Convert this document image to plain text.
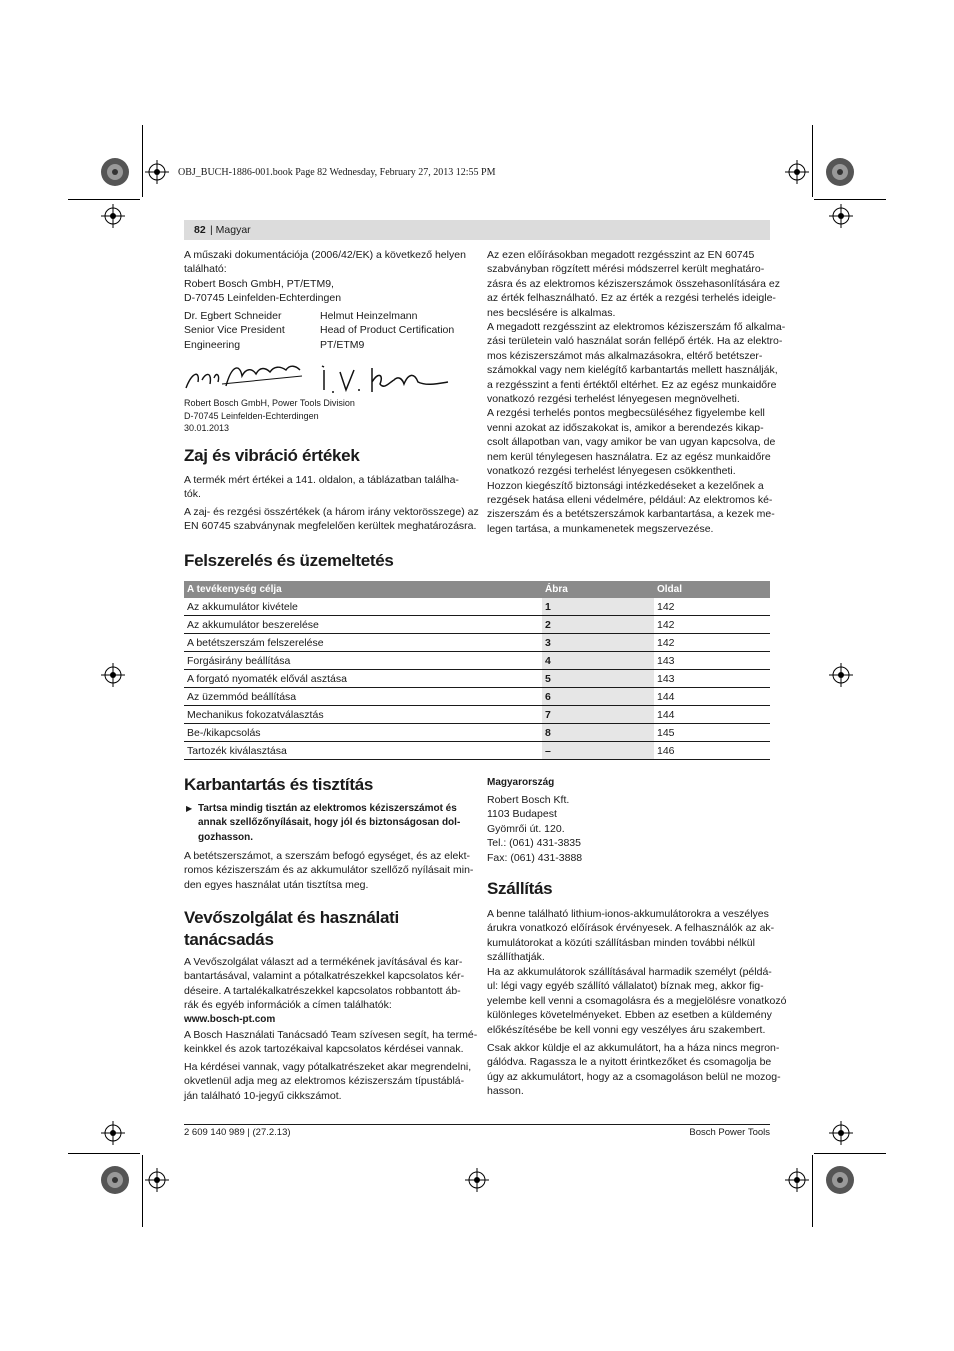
OBJ_BUCH-1886-001.book Page 82 Wednesday, February 27, 2013 12:55 PM
82 | Magyar
A műszaki dokumentációja (2006/42/EK) a következő helyen
található:
Robert Bosch GmbH, PT/ETM9,
D-70745 Leinfelden-Echterdingen
Dr. Egbert Schneider
Senior Vice President
Engineering
Helmut Heinzelmann
Head of Product Certification
PT/ETM9
Robert Bosch GmbH, Power Tools Division
D-70745 Leinfelden-Echterdingen
30.01.2013
Zaj és vibráció értékek
A termék mért értékei a 141. oldalon, a táblázatban találha-
tók.
A zaj- és rezgési összértékek (a három irány vektorösszege) az
EN 60745 szabványnak megfelelően kerültek meghatározásra.
Az ezen előírásokban megadott rezgésszint az EN 60745
szabványban rögzített mérési módszerrel került meghatáro-
zásra és az elektromos kéziszerszámok összehasonlítására ez
az érték felhasználható. Ez az érték a rezgési terhelés ideigle-
nes becslésére is alkalmas.
A megadott rezgésszint az elektromos kéziszerszám fő alkalma-
zási területein való használat során fellépő érték. Ha az elektro-
mos kéziszerszámot más alkalmazásokra, eltérő betétszer-
számokkal vagy nem kielégítő karbantartás mellett használják,
a rezgésszint a fenti értéktől eltérhet. Ez az egész munkaidőre
vonatkozó rezgési terhelést lényegesen megnövelheti.
A rezgési terhelés pontos megbecsüléséhez figyelembe kell
venni azokat az időszakokat is, amikor a berendezés kikap-
csolt állapotban van, vagy amikor be van ugyan kapcsolva, de
nem kerül ténylegesen használatra. Ez az egész munkaidőre
vonatkozó rezgési terhelést lényegesen csökkentheti.
Hozzon kiegészítő biztonsági intézkedéseket a kezelőnek a
rezgések hatása elleni védelmére, például: Az elektromos ké-
ziszerszám és a betétszerszámok karbantartása, a kezek me-
legen tartása, a munkamenetek megszervezése.
Felszerelés és üzemeltetés
A tevékenység célja	Ábra	Oldal
Az akkumulátor kivétele	1	142
Az akkumulátor beszerelése	2	142
A betétszerszám felszerelése	3	142
Forgásirány beállítása	4	143
A forgató nyomaték elővál asztása	5	143
Az üzemmód beállítása	6	144
Mechanikus fokozatválasztás	7	144
Be-/kikapcsolás	8	145
Tartozék kiválasztása	–	146
Karbantartás és tisztítás
▶ Tartsa mindig tisztán az elektromos kéziszerszámot és
annak szellőzőnyílásait, hogy jól és biztonságosan dol-
gozhasson.
A betétszerszámot, a szerszám befogó egységet, és az elekt-
romos kéziszerszám és az akkumulátor szellőző nyílásait min-
den egyes használat után tisztítsa meg.
Vevőszolgálat és használati
tanácsadás
A Vevőszolgálat választ ad a termékének javításával és kar-
bantartásával, valamint a pótalkatrészekkel kapcsolatos kér-
déseire. A tartalékalkatrészekkel kapcsolatos robbantott áb-
rák és egyéb információk a címen találhatók:
www.bosch-pt.com
A Bosch Használati Tanácsadó Team szívesen segít, ha termé-
keinkkel és azok tartozékaival kapcsolatos kérdései vannak.
Ha kérdései vannak, vagy pótalkatrészeket akar megrendelni,
okvetlenül adja meg az elektromos kéziszerszám típustáblá-
ján található 10-jegyű cikkszámot.
Magyarország
Robert Bosch Kft.
1103 Budapest
Gyömrői út. 120.
Tel.: (061) 431-3835
Fax: (061) 431-3888
Szállítás
A benne található lithium-ionos-akkumulátorokra a veszélyes
árukra vonatkozó előírások érvényesek. A felhasználók az ak-
kumulátorokat a közúti szállításban minden további nélkül
szállíthatják.
Ha az akkumulátorok szállításával harmadik személyt (példá-
ul: légi vagy egyéb szállító vállalatot) bíznak meg, akkor fig-
yelembe kell venni a csomagolásra és a megjelölésre vonatkozó
különleges követelményeket. Ebben az esetben a küldemény
előkészítésébe be kell vonni egy veszélyes áru szakembert.
Csak akkor küldje el az akkumulátort, ha a háza nincs megron-
gálódva. Ragassza le a nyitott érintkezőket és csomagolja be
úgy az akkumulátort, hogy az a csomagoláson belül ne mozog-
hasson.
2 609 140 989 | (27.2.13)	Bosch Power Tools
